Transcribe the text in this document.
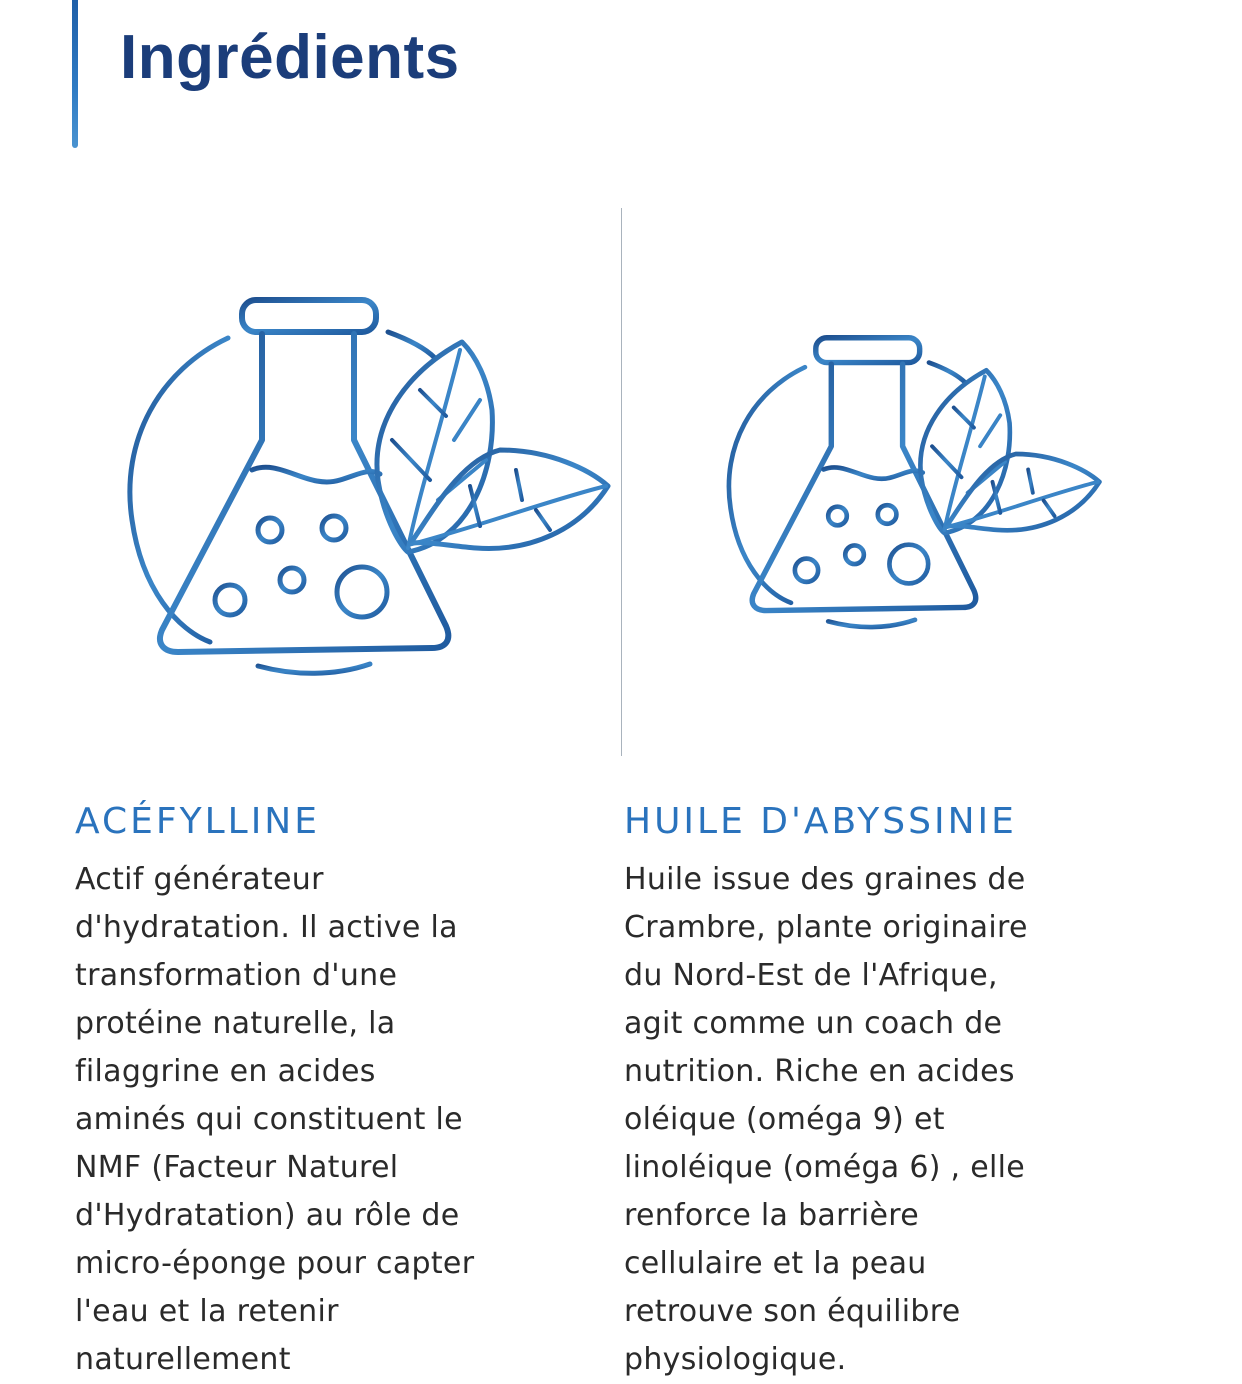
Ingrédients
ACÉFYLLINE

Actif générateur
d'hydratation. Il active la
transformation d'une
protéine naturelle, la
filaggrine en acides
aminés qui constituent le
NMF (Facteur Naturel
d'Hydratation) au rôle de
micro-éponge pour capter
l'eau et la retenir
naturellement

HUILE D'ABYSSINIE

Huile issue des graines de
Crambre, plante originaire
du Nord-Est de l'Afrique,
agit comme un coach de
nutrition. Riche en acides
oléique (oméga 9) et
linoléique (oméga 6) , elle
renforce la barrière
cellulaire et la peau
retrouve son équilibre
physiologique.
